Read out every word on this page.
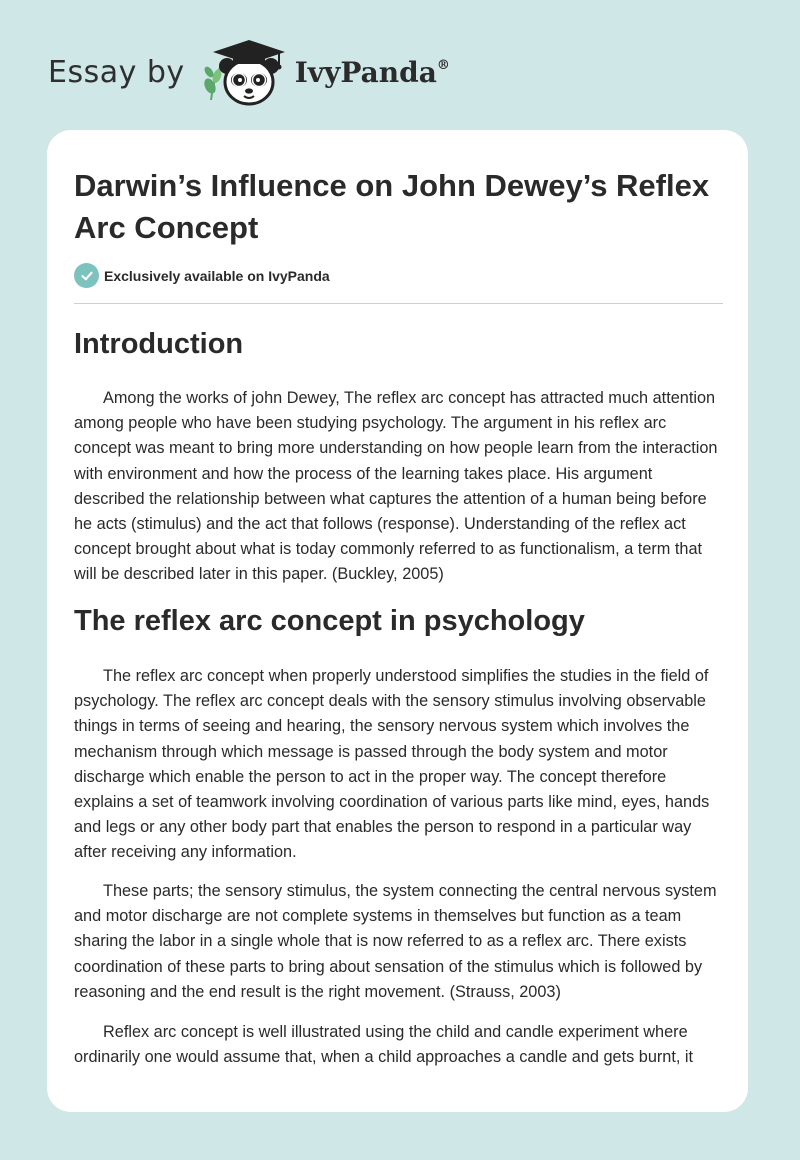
Essay by	IvyPanda®
Darwin’s Influence on John Dewey’s Reflex Arc Concept
Exclusively available on IvyPanda
Introduction

Among the works of john Dewey, The reflex arc concept has attracted much attention among people who have been studying psychology. The argument in his reflex arc concept was meant to bring more understanding on how people learn from the interaction with environment and how the process of the learning takes place. His argument described the relationship between what captures the attention of a human being before he acts (stimulus) and the act that follows (response). Understanding of the reflex act concept brought about what is today commonly referred to as functionalism, a term that will be described later in this paper. (Buckley, 2005)

The reflex arc concept in psychology

The reflex arc concept when properly understood simplifies the studies in the field of psychology. The reflex arc concept deals with the sensory stimulus involving observable things in terms of seeing and hearing, the sensory nervous system which involves the mechanism through which message is passed through the body system and motor discharge which enable the person to act in the proper way. The concept therefore explains a set of teamwork involving coordination of various parts like mind, eyes, hands and legs or any other body part that enables the person to respond in a particular way after receiving any information.

These parts; the sensory stimulus, the system connecting the central nervous system and motor discharge are not complete systems in themselves but function as a team sharing the labor in a single whole that is now referred to as a reflex arc. There exists coordination of these parts to bring about sensation of the stimulus which is followed by reasoning and the end result is the right movement. (Strauss, 2003)

Reflex arc concept is well illustrated using the child and candle experiment where ordinarily one would assume that, when a child approaches a candle and gets burnt, it
